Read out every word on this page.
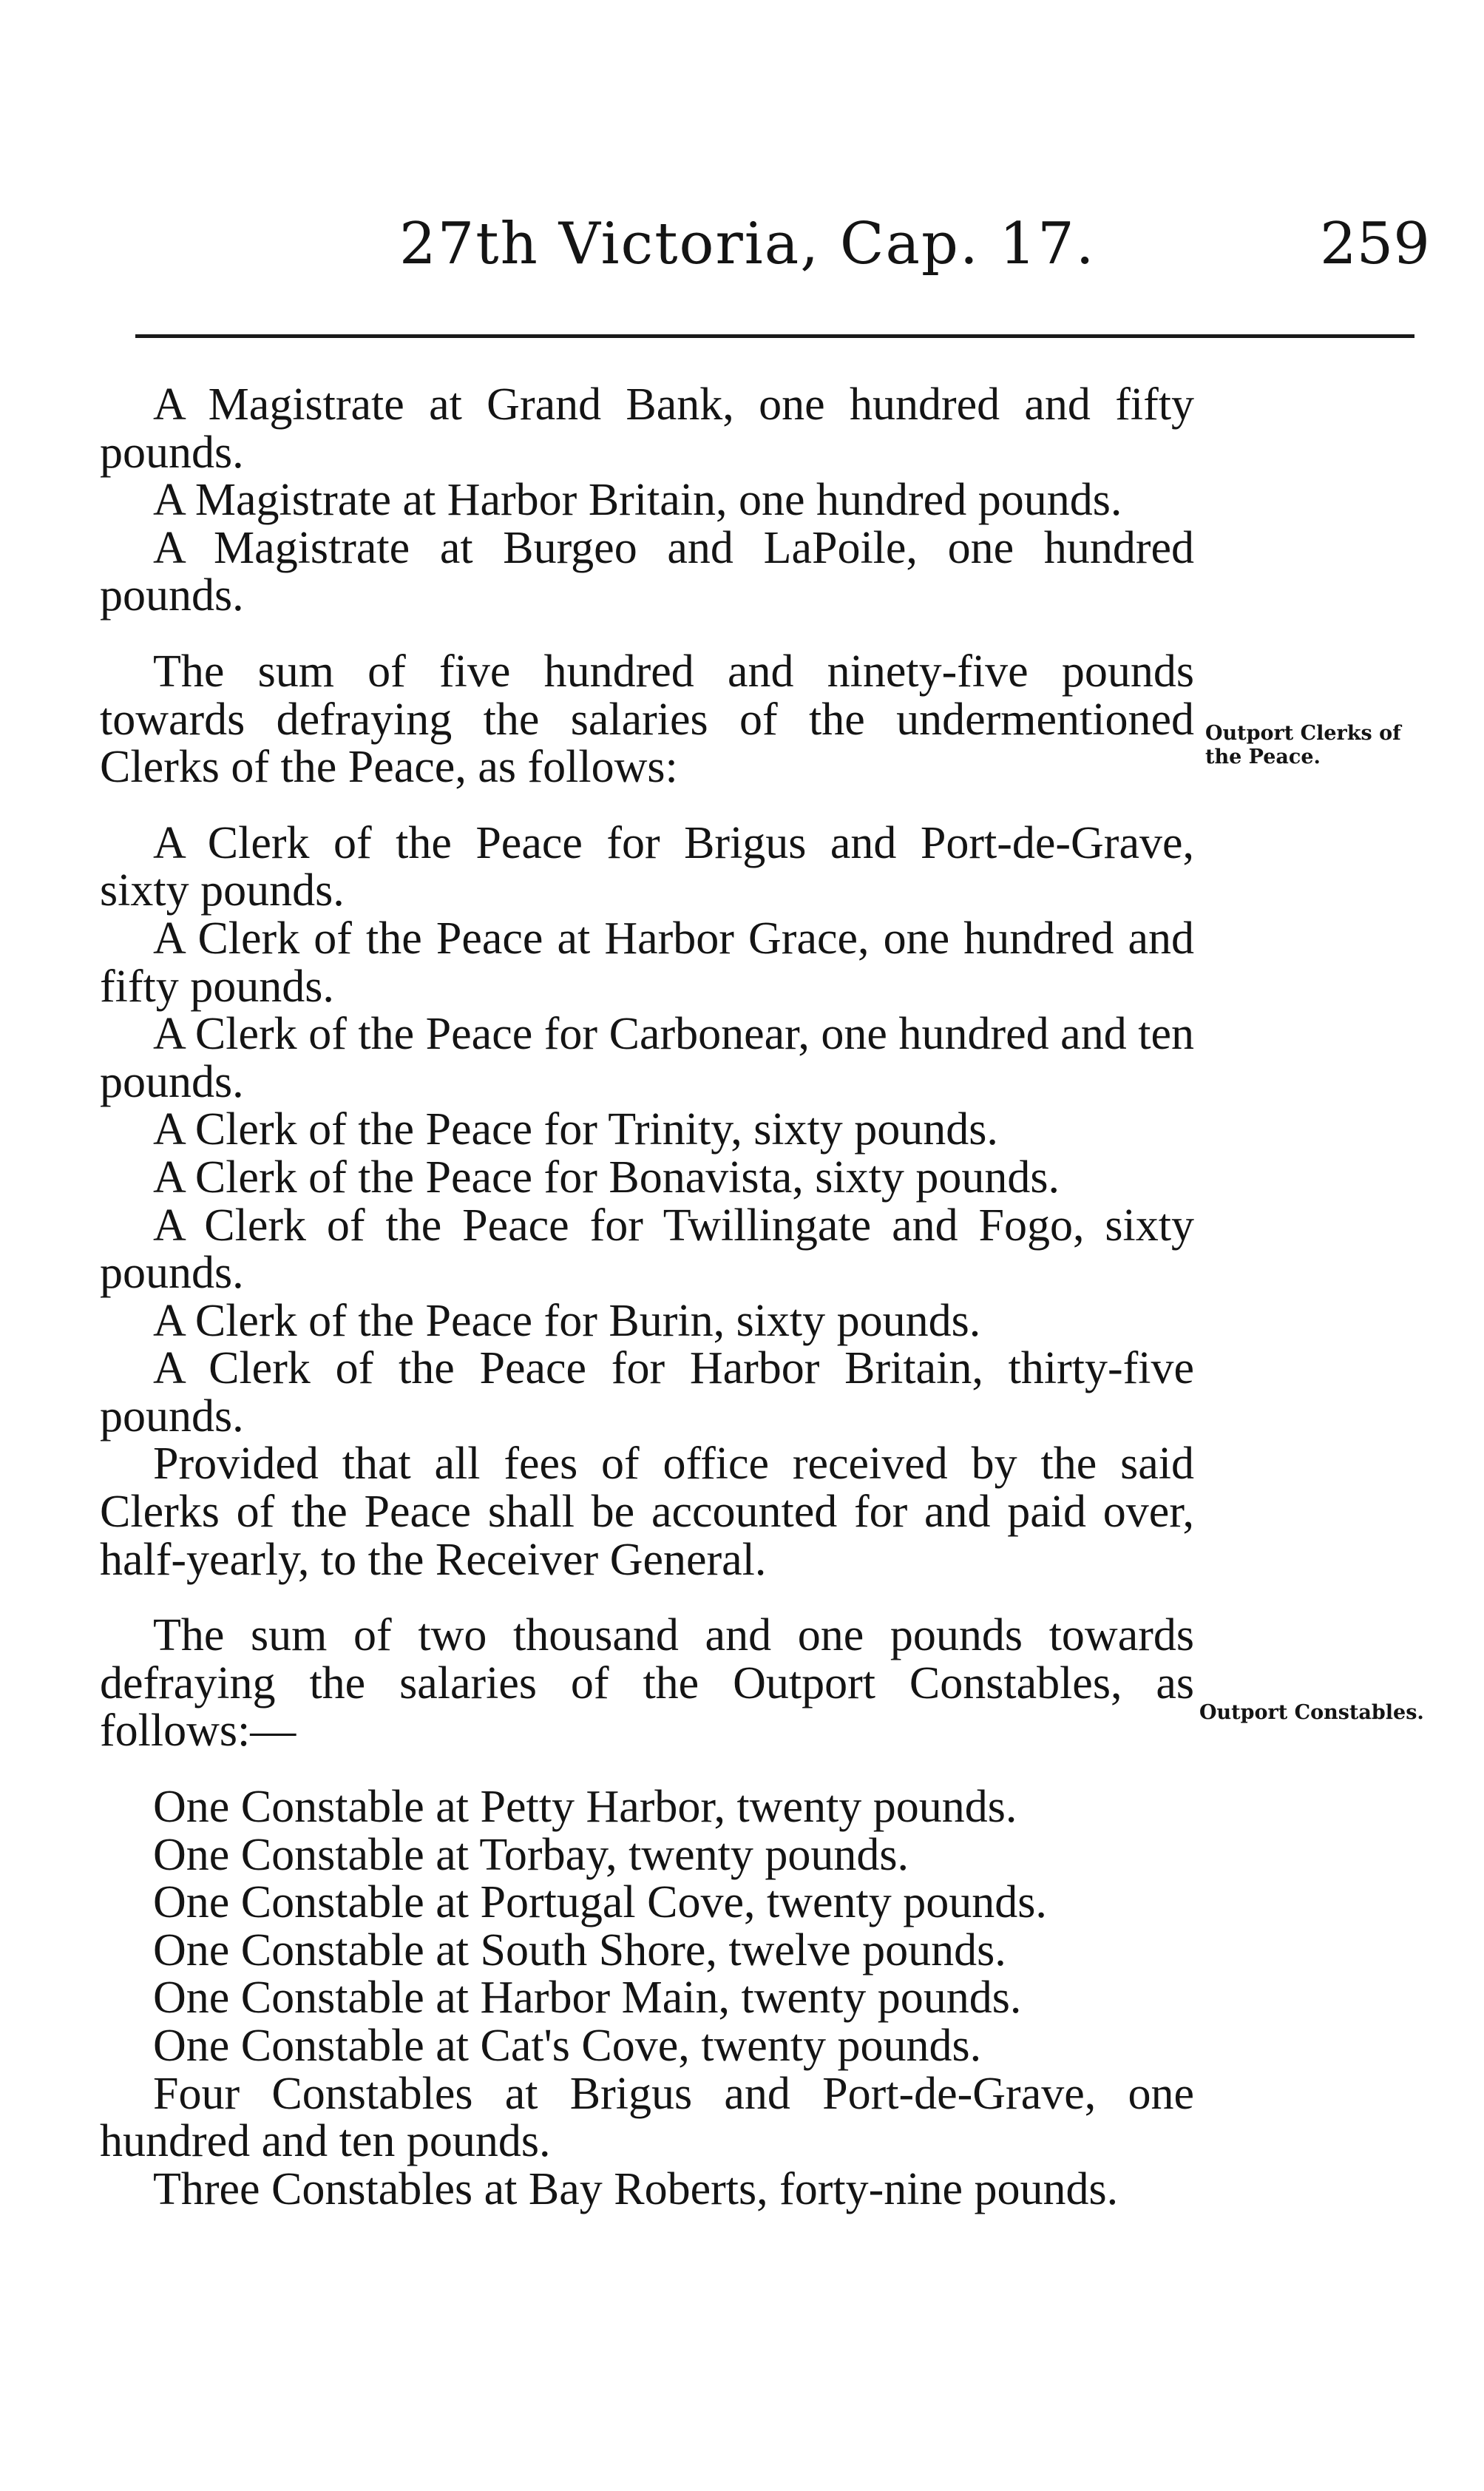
27th Victoria, Cap. 17.	259

A Magistrate at Grand Bank, one hundred and fifty pounds.

A Magistrate at Harbor Britain, one hundred pounds.

A Magistrate at Burgeo and LaPoile, one hundred pounds.

The sum of five hundred and ninety-five pounds towards defraying the salaries of the undermentioned Clerks of the Peace, as follows:

A Clerk of the Peace for Brigus and Port-de-Grave, sixty pounds.
A Clerk of the Peace at Harbor Grace, one hundred and fifty pounds.
A Clerk of the Peace for Carbonear, one hundred and ten pounds.
A Clerk of the Peace for Trinity, sixty pounds.
A Clerk of the Peace for Bonavista, sixty pounds.
A Clerk of the Peace for Twillingate and Fogo, sixty pounds.
A Clerk of the Peace for Burin, sixty pounds.
A Clerk of the Peace for Harbor Britain, thirty-five pounds.
Provided that all fees of office received by the said Clerks of the Peace shall be accounted for and paid over, half-yearly, to the Receiver General.

The sum of two thousand and one pounds towards defraying the salaries of the Outport Constables, as follows:—

One Constable at Petty Harbor, twenty pounds.
One Constable at Torbay, twenty pounds.
One Constable at Portugal Cove, twenty pounds.
One Constable at South Shore, twelve pounds.
One Constable at Harbor Main, twenty pounds.
One Constable at Cat's Cove, twenty pounds.
Four Constables at Brigus and Port-de-Grave, one hundred and ten pounds.
Three Constables at Bay Roberts, forty-nine pounds.
Outport Clerks of the Peace.
Outport Constables.
